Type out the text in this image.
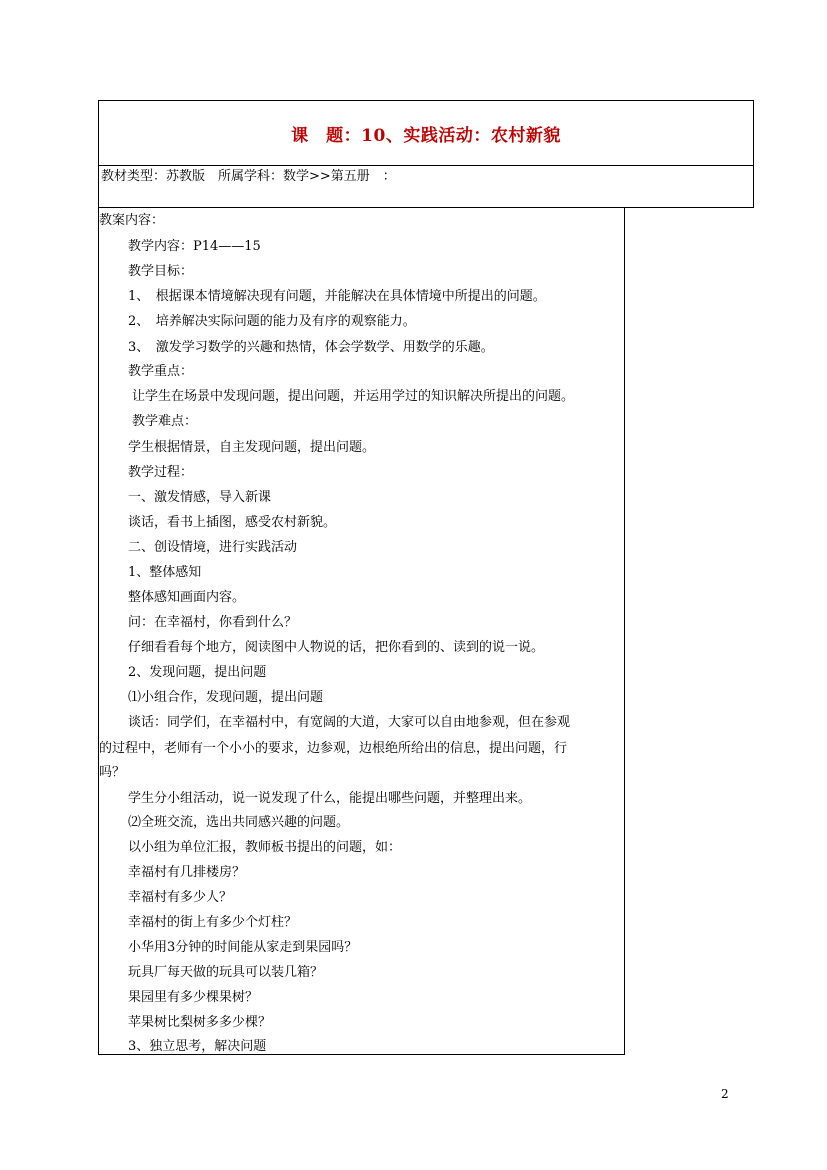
课　题：10、实践活动：农村新貌
教材类型：苏教版　所属学科：数学>>第五册　：
教案内容：
教学内容：P14——15
教学目标：
1、　根据课本情境解决现有问题，并能解决在具体情境中所提出的问题。
2、　培养解决实际问题的能力及有序的观察能力。
3、　激发学习数学的兴趣和热情，体会学数学、用数学的乐趣。
教学重点：
让学生在场景中发现问题，提出问题，并运用学过的知识解决所提出的问题。
教学难点：
学生根据情景，自主发现问题，提出问题。
教学过程：
一、激发情感，导入新课
谈话，看书上插图，感受农村新貌。
二、创设情境，进行实践活动
1、整体感知
整体感知画面内容。
问：在幸福村，你看到什么？
仔细看看每个地方，阅读图中人物说的话，把你看到的、读到的说一说。
2、发现问题，提出问题
⑴小组合作，发现问题，提出问题
谈话：同学们，在幸福村中，有宽阔的大道，大家可以自由地参观，但在参观
的过程中，老师有一个小小的要求，边参观，边根绝所给出的信息，提出问题，行
吗？
学生分小组活动，说一说发现了什么，能提出哪些问题，并整理出来。
⑵全班交流，选出共同感兴趣的问题。
以小组为单位汇报，教师板书提出的问题，如：
幸福村有几排楼房？
幸福村有多少人？
幸福村的街上有多少个灯柱？
小华用3分钟的时间能从家走到果园吗？
玩具厂每天做的玩具可以装几箱？
果园里有多少棵果树？
苹果树比梨树多多少棵？
3、独立思考，解决问题
2
